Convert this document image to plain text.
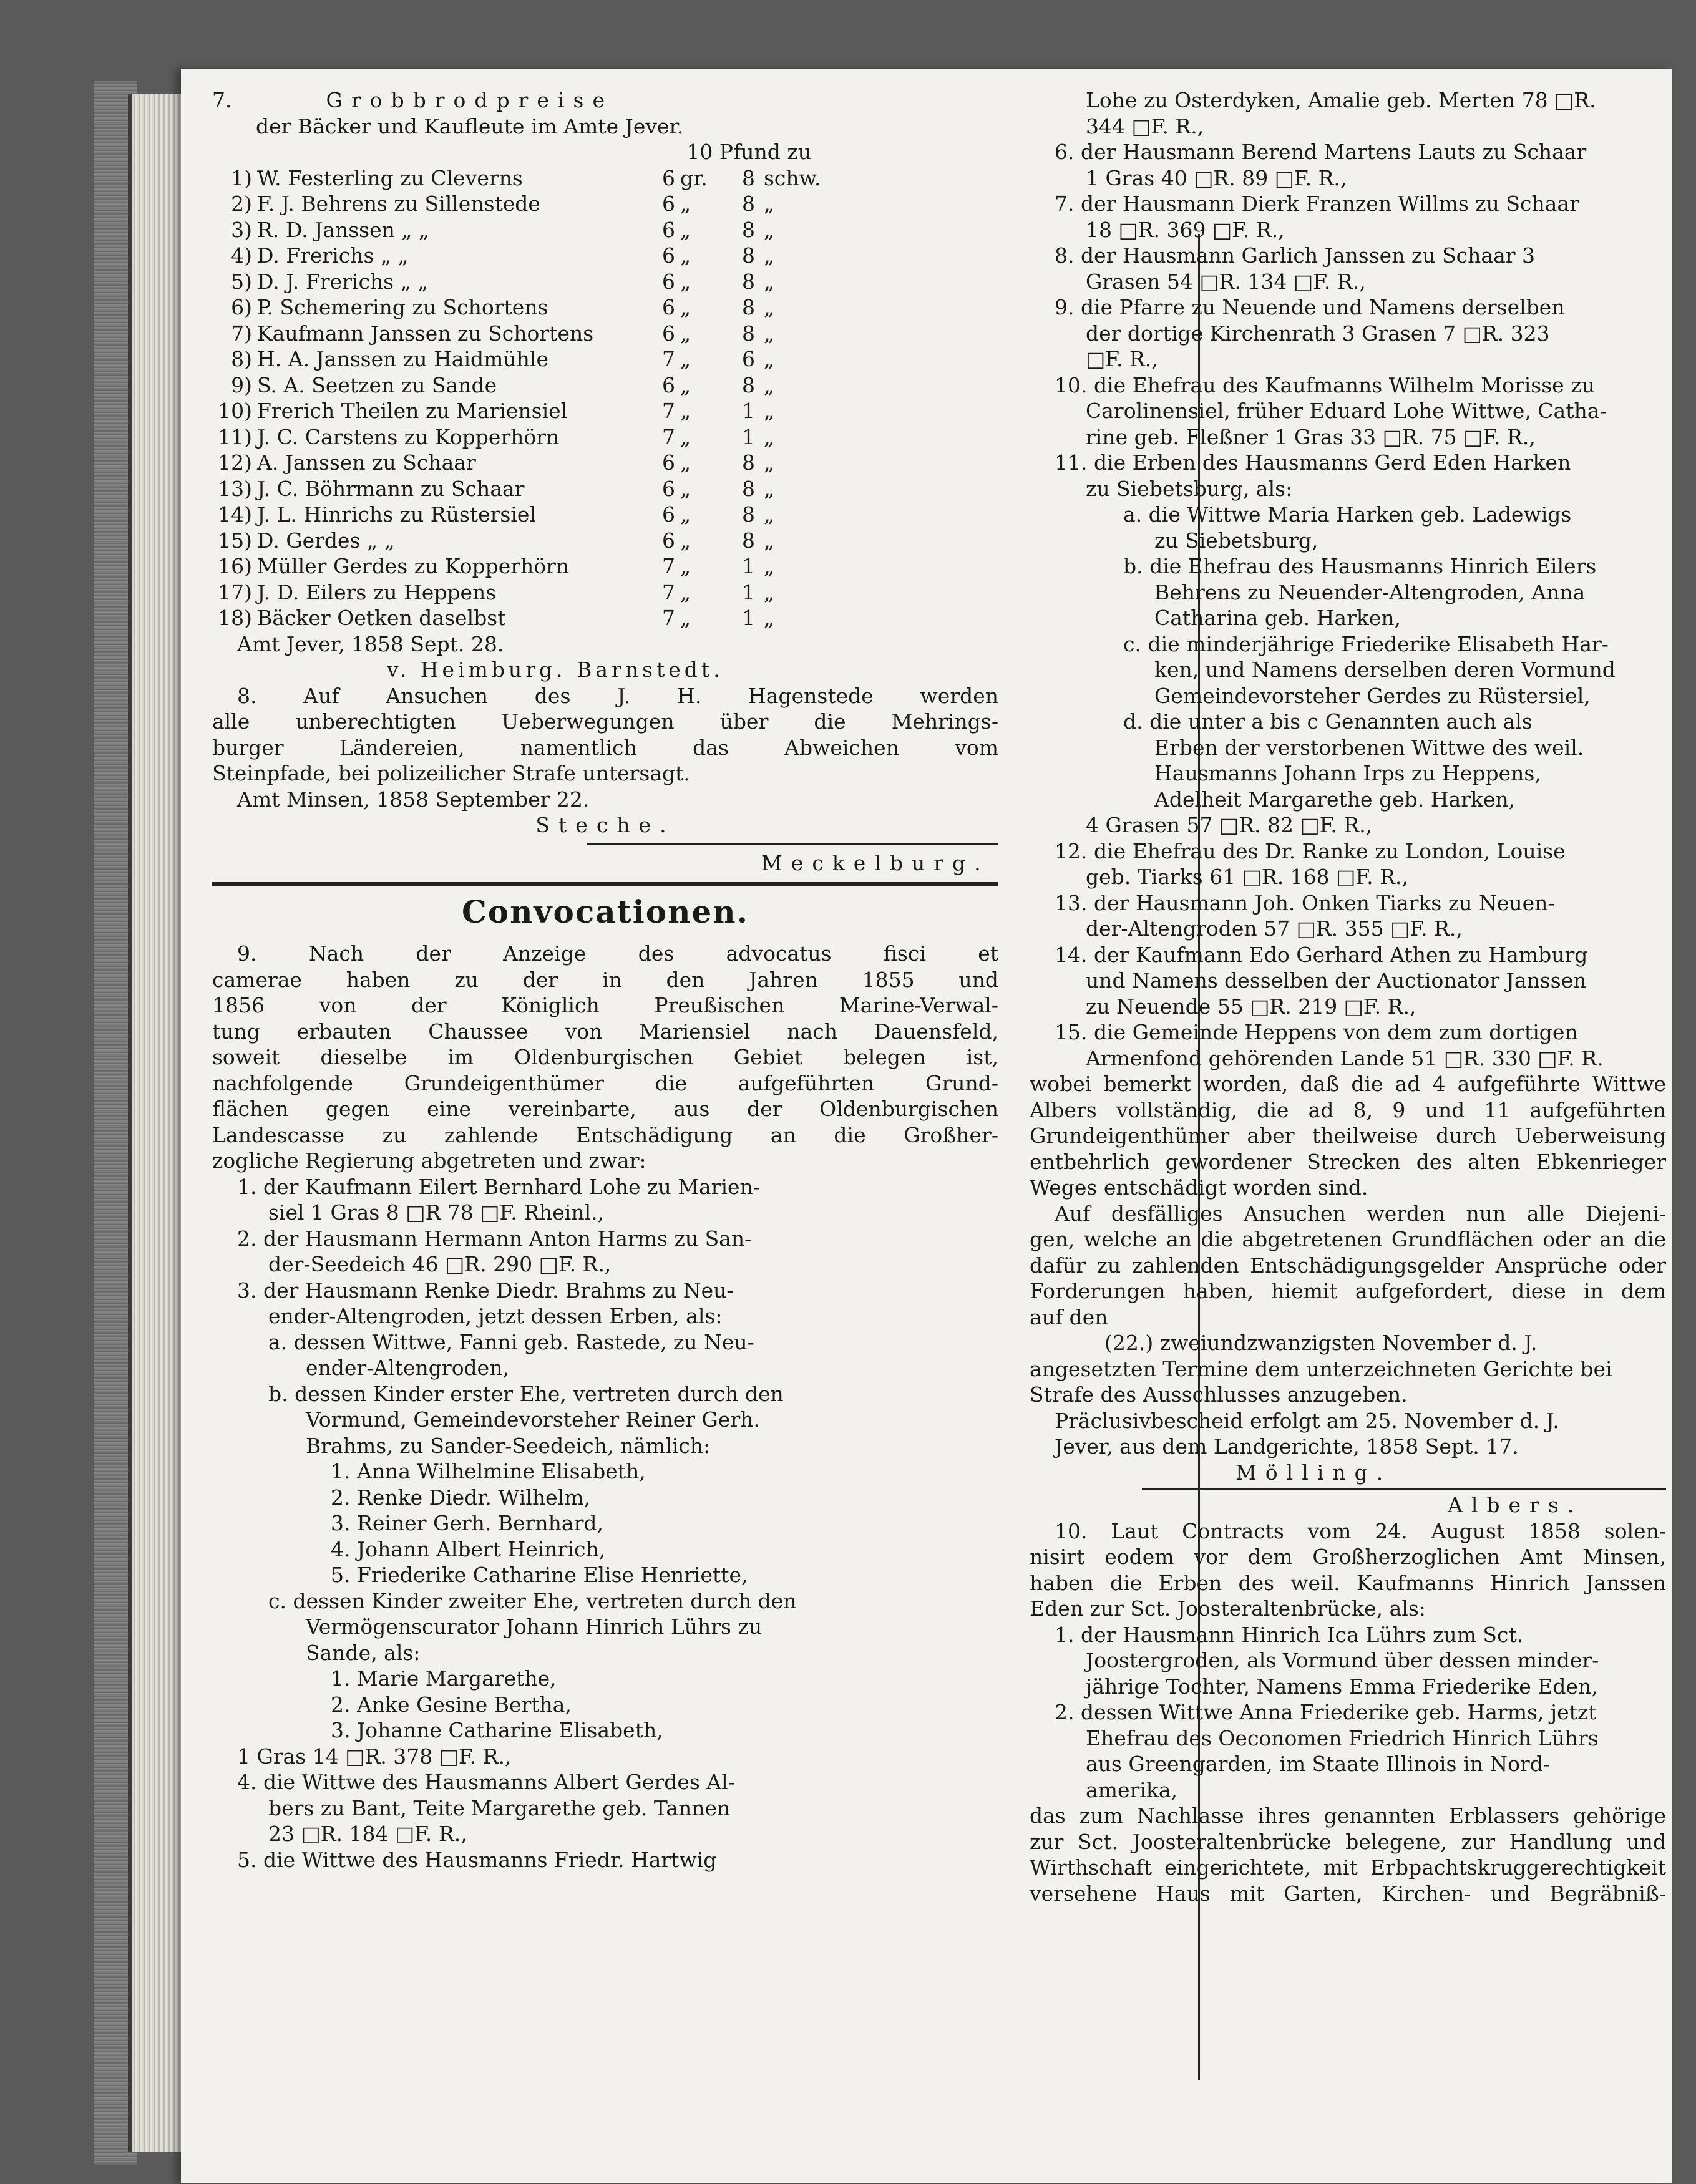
7.	Grobbrodpreise
der Bäcker und Kaufleute im Amte Jever.
10 Pfund zu
1) W. Festerling zu Cleverns	6 gr.	8 schw.
2) F. J. Behrens zu Sillenstede	6 „	8 „
3) R. D. Janssen „ „	6 „	8 „
4) D. Frerichs „ „	6 „	8 „
5) D. J. Frerichs „ „	6 „	8 „
6) P. Schemering zu Schortens	6 „	8 „
7) Kaufmann Janssen zu Schortens	6 „	8 „
8) H. A. Janssen zu Haidmühle	7 „	6 „
9) S. A. Seetzen zu Sande	6 „	8 „
10) Frerich Theilen zu Mariensiel	7 „	1 „
11) J. C. Carstens zu Kopperhörn	7 „	1 „
12) A. Janssen zu Schaar	6 „	8 „
13) J. C. Böhrmann zu Schaar	6 „	8 „
14) J. L. Hinrichs zu Rüstersiel	6 „	8 „
15) D. Gerdes „ „	6 „	8 „
16) Müller Gerdes zu Kopperhörn	7 „	1 „
17) J. D. Eilers zu Heppens	7 „	1 „
18) Bäcker Oetken daselbst	7 „	1 „
Amt Jever, 1858 Sept. 28.
v. Heimburg. Barnstedt.
8. Auf Ansuchen des J. H. Hagenstede werden
alle unberechtigten Ueberwegungen über die Mehrings-
burger Ländereien, namentlich das Abweichen vom
Steinpfade, bei polizeilicher Strafe untersagt.
Amt Minsen, 1858 September 22.
Steche.
Meckelburg.
Convocationen.
9. Nach der Anzeige des advocatus fisci et
camerae haben zu der in den Jahren 1855 und
1856 von der Königlich Preußischen Marine-Verwal-
tung erbauten Chaussee von Mariensiel nach Dauensfeld,
soweit dieselbe im Oldenburgischen Gebiet belegen ist,
nachfolgende Grundeigenthümer die aufgeführten Grund-
flächen gegen eine vereinbarte, aus der Oldenburgischen
Landescasse zu zahlende Entschädigung an die Großher-
zogliche Regierung abgetreten und zwar:
1. der Kaufmann Eilert Bernhard Lohe zu Marien-
siel 1 Gras 8 □R 78 □F. Rheinl.,
2. der Hausmann Hermann Anton Harms zu San-
der-Seedeich 46 □R. 290 □F. R.,
3. der Hausmann Renke Diedr. Brahms zu Neu-
ender-Altengroden, jetzt dessen Erben, als:
a. dessen Wittwe, Fanni geb. Rastede, zu Neu-
ender-Altengroden,
b. dessen Kinder erster Ehe, vertreten durch den
Vormund, Gemeindevorsteher Reiner Gerh.
Brahms, zu Sander-Seedeich, nämlich:
1. Anna Wilhelmine Elisabeth,
2. Renke Diedr. Wilhelm,
3. Reiner Gerh. Bernhard,
4. Johann Albert Heinrich,
5. Friederike Catharine Elise Henriette,
c. dessen Kinder zweiter Ehe, vertreten durch den
Vermögenscurator Johann Hinrich Lührs zu
Sande, als:
1. Marie Margarethe,
2. Anke Gesine Bertha,
3. Johanne Catharine Elisabeth,
1 Gras 14 □R. 378 □F. R.,
4. die Wittwe des Hausmanns Albert Gerdes Al-
bers zu Bant, Teite Margarethe geb. Tannen
23 □R. 184 □F. R.,
5. die Wittwe des Hausmanns Friedr. Hartwig
Lohe zu Osterdyken, Amalie geb. Merten 78 □R.
344 □F. R.,
6. der Hausmann Berend Martens Lauts zu Schaar
1 Gras 40 □R. 89 □F. R.,
7. der Hausmann Dierk Franzen Willms zu Schaar
18 □R. 369 □F. R.,
8. der Hausmann Garlich Janssen zu Schaar 3
Grasen 54 □R. 134 □F. R.,
9. die Pfarre zu Neuende und Namens derselben
der dortige Kirchenrath 3 Grasen 7 □R. 323
□F. R.,
10. die Ehefrau des Kaufmanns Wilhelm Morisse zu
Carolinensiel, früher Eduard Lohe Wittwe, Catha-
rine geb. Fleßner 1 Gras 33 □R. 75 □F. R.,
11. die Erben des Hausmanns Gerd Eden Harken
zu Siebetsburg, als:
a. die Wittwe Maria Harken geb. Ladewigs
zu Siebetsburg,
b. die Ehefrau des Hausmanns Hinrich Eilers
Behrens zu Neuender-Altengroden, Anna
Catharina geb. Harken,
c. die minderjährige Friederike Elisabeth Har-
ken, und Namens derselben deren Vormund
Gemeindevorsteher Gerdes zu Rüstersiel,
d. die unter a bis c Genannten auch als
Erben der verstorbenen Wittwe des weil.
Hausmanns Johann Irps zu Heppens,
Adelheit Margarethe geb. Harken,
4 Grasen 57 □R. 82 □F. R.,
12. die Ehefrau des Dr. Ranke zu London, Louise
geb. Tiarks 61 □R. 168 □F. R.,
13. der Hausmann Joh. Onken Tiarks zu Neuen-
der-Altengroden 57 □R. 355 □F. R.,
14. der Kaufmann Edo Gerhard Athen zu Hamburg
und Namens desselben der Auctionator Janssen
zu Neuende 55 □R. 219 □F. R.,
15. die Gemeinde Heppens von dem zum dortigen
Armenfond gehörenden Lande 51 □R. 330 □F. R.
wobei bemerkt worden, daß die ad 4 aufgeführte Wittwe
Albers vollständig, die ad 8, 9 und 11 aufgeführten
Grundeigenthümer aber theilweise durch Ueberweisung
entbehrlich gewordener Strecken des alten Ebkenrieger
Weges entschädigt worden sind.
Auf desfälliges Ansuchen werden nun alle Diejeni-
gen, welche an die abgetretenen Grundflächen oder an die
dafür zu zahlenden Entschädigungsgelder Ansprüche oder
Forderungen haben, hiemit aufgefordert, diese in dem
auf den
(22.) zweiundzwanzigsten November d. J.
angesetzten Termine dem unterzeichneten Gerichte bei
Strafe des Ausschlusses anzugeben.
Präclusivbescheid erfolgt am 25. November d. J.
Jever, aus dem Landgerichte, 1858 Sept. 17.
Mölling.
Albers.
10. Laut Contracts vom 24. August 1858 solen-
nisirt eodem vor dem Großherzoglichen Amt Minsen,
haben die Erben des weil. Kaufmanns Hinrich Janssen
Eden zur Sct. Joosteraltenbrücke, als:
1. der Hausmann Hinrich Ica Lührs zum Sct.
Joostergroden, als Vormund über dessen minder-
jährige Tochter, Namens Emma Friederike Eden,
2. dessen Wittwe Anna Friederike geb. Harms, jetzt
Ehefrau des Oeconomen Friedrich Hinrich Lührs
aus Greengarden, im Staate Illinois in Nord-
amerika,
das zum Nachlasse ihres genannten Erblassers gehörige
zur Sct. Joosteraltenbrücke belegene, zur Handlung und
Wirthschaft eingerichtete, mit Erbpachtskruggerechtigkeit
versehene Haus mit Garten, Kirchen- und Begräbniß-
